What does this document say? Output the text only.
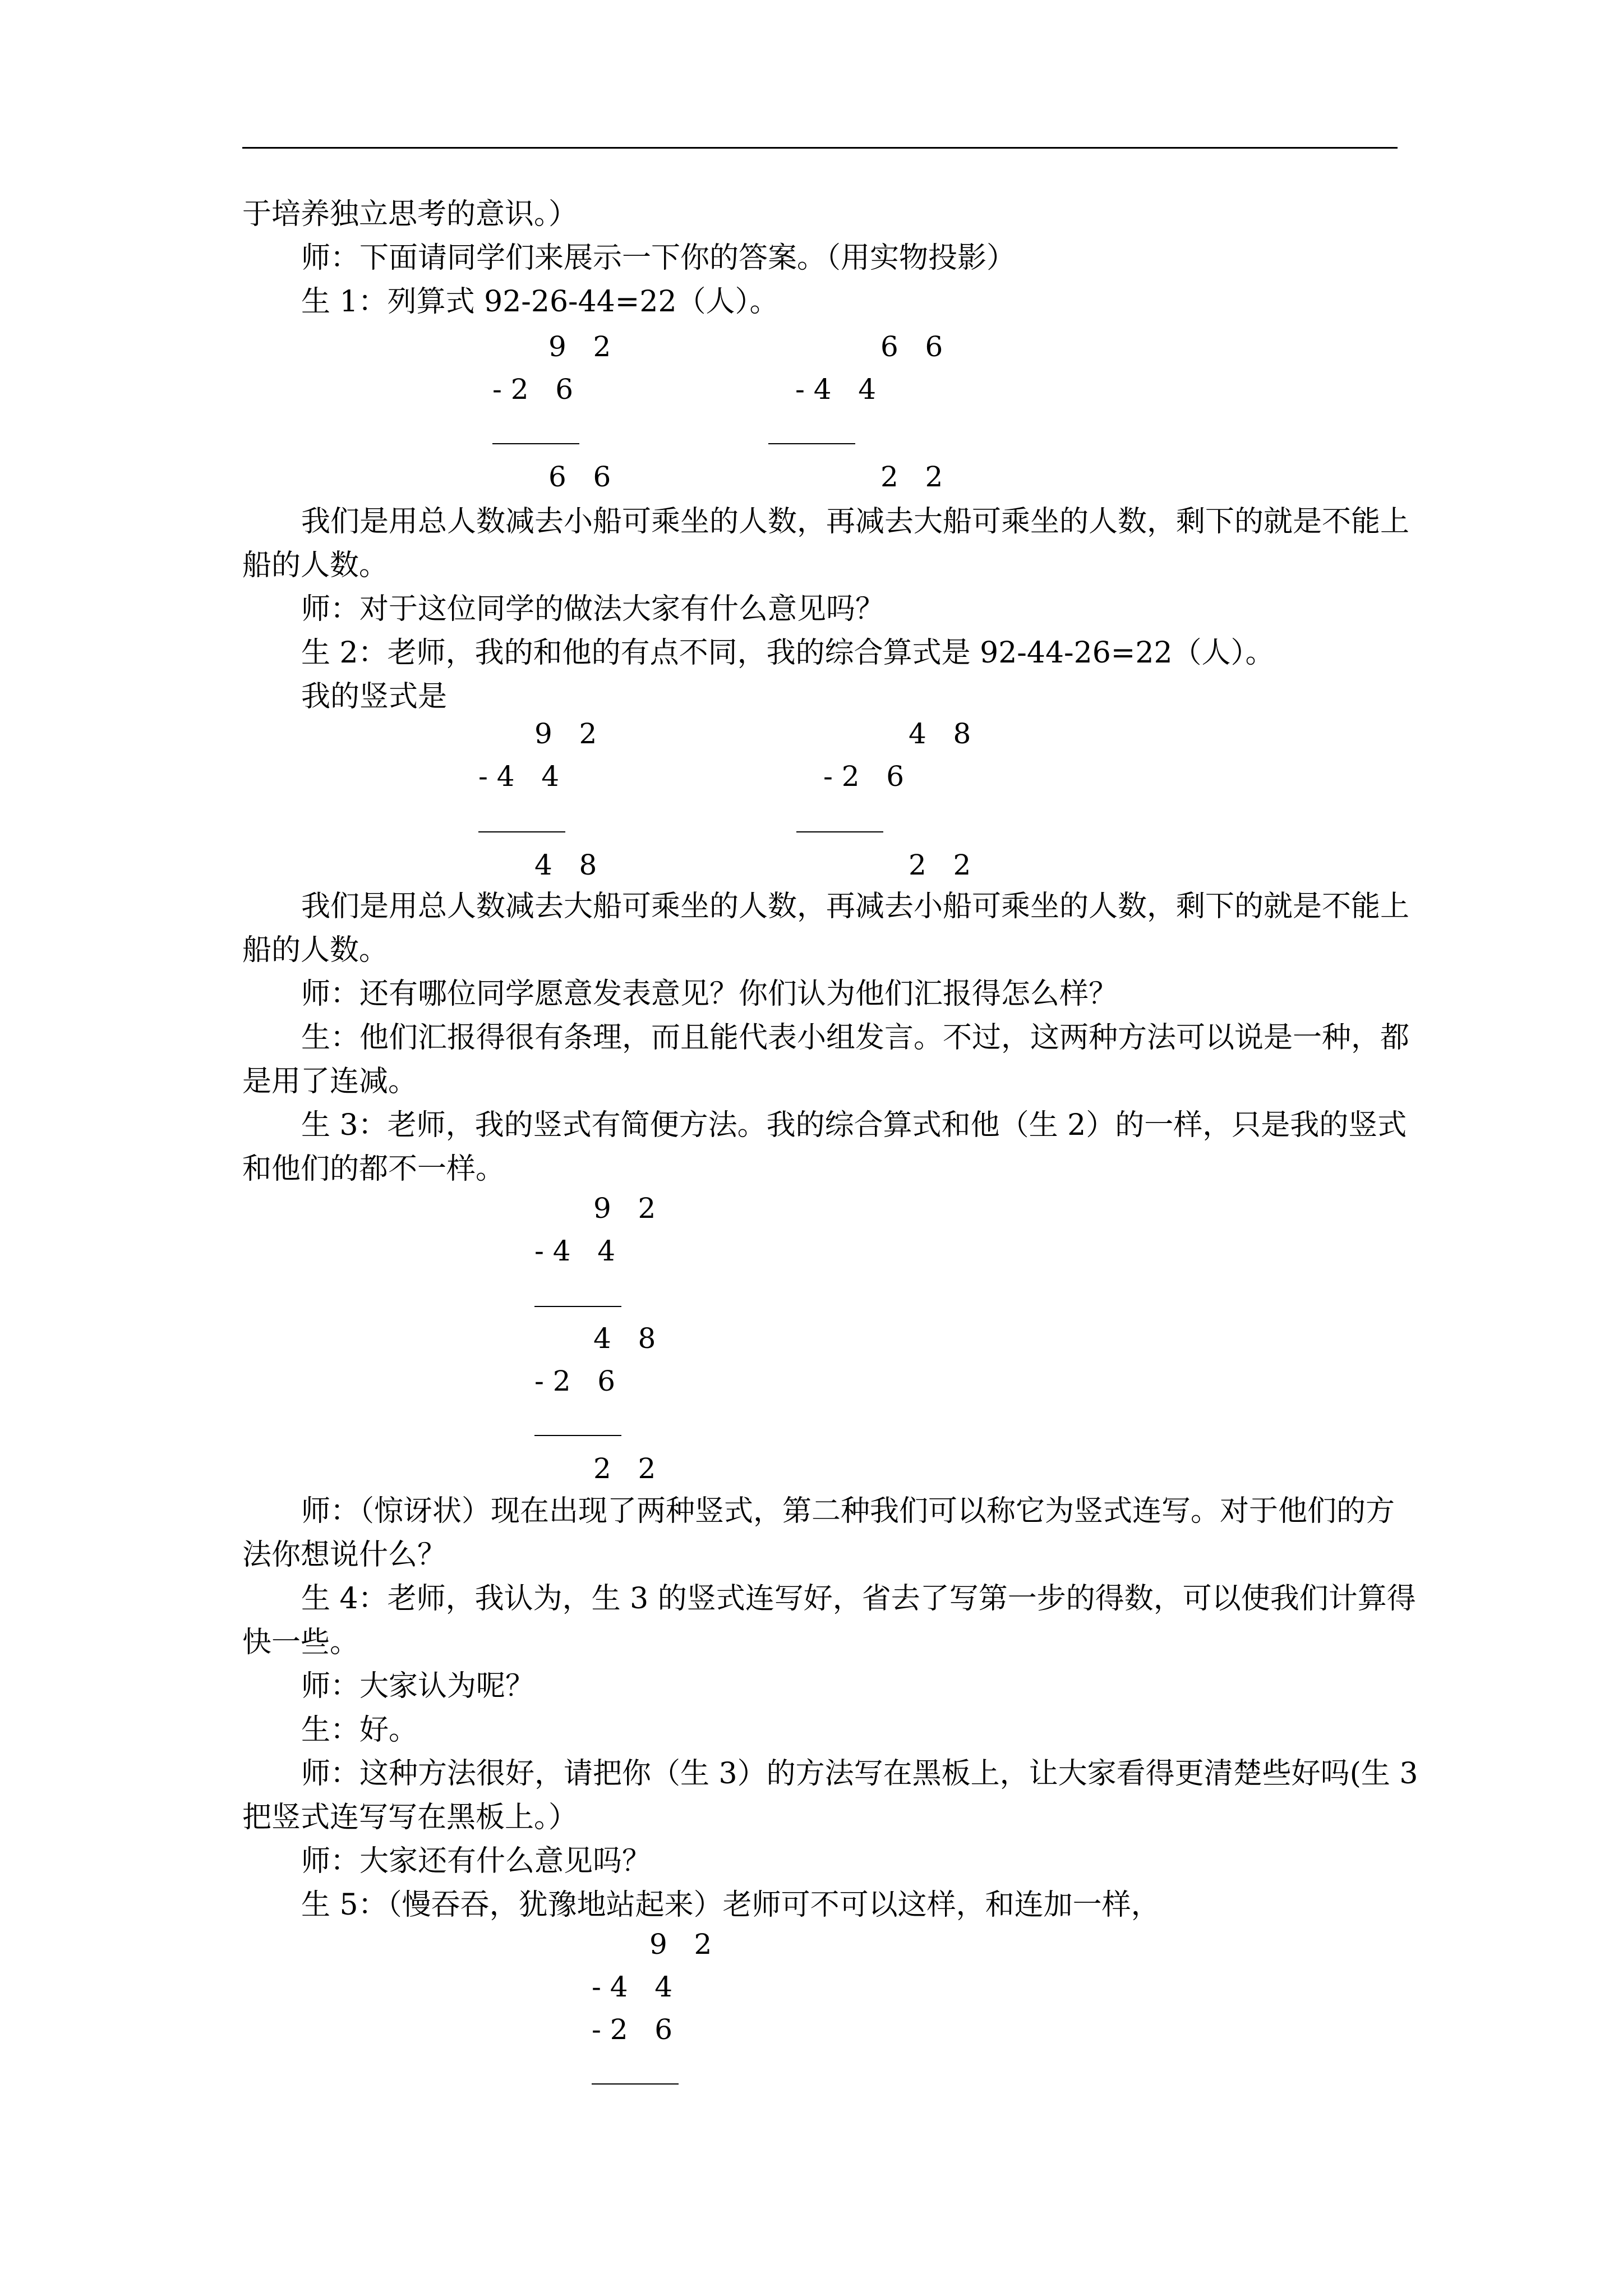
于培养独立思考的意识。）
师：下面请同学们来展示一下你的答案。（用实物投影）
生 1：列算式 92-26-44=22（人）。
9   2
- 2   6
6   6
6   6
- 4   4
2   2
我们是用总人数减去小船可乘坐的人数，再减去大船可乘坐的人数，剩下的就是不能上
船的人数。
师：对于这位同学的做法大家有什么意见吗？
生 2：老师，我的和他的有点不同，我的综合算式是 92-44-26=22（人）。
我的竖式是
9   2
- 4   4
4   8
4   8
- 2   6
2   2
我们是用总人数减去大船可乘坐的人数，再减去小船可乘坐的人数，剩下的就是不能上
船的人数。
师：还有哪位同学愿意发表意见？你们认为他们汇报得怎么样？
生：他们汇报得很有条理，而且能代表小组发言。不过，这两种方法可以说是一种，都
是用了连减。
生 3：老师，我的竖式有简便方法。我的综合算式和他（生 2）的一样，只是我的竖式
和他们的都不一样。
9   2
- 4   4
4   8
- 2   6
2   2
师：（惊讶状）现在出现了两种竖式，第二种我们可以称它为竖式连写。对于他们的方
法你想说什么？
生 4：老师，我认为，生 3 的竖式连写好，省去了写第一步的得数，可以使我们计算得
快一些。
师：大家认为呢？
生：好。
师：这种方法很好，请把你（生 3）的方法写在黑板上，让大家看得更清楚些好吗(生 3
把竖式连写写在黑板上。）
师：大家还有什么意见吗？
生 5：（慢吞吞，犹豫地站起来）老师可不可以这样，和连加一样，
9   2
- 4   4
- 2   6
